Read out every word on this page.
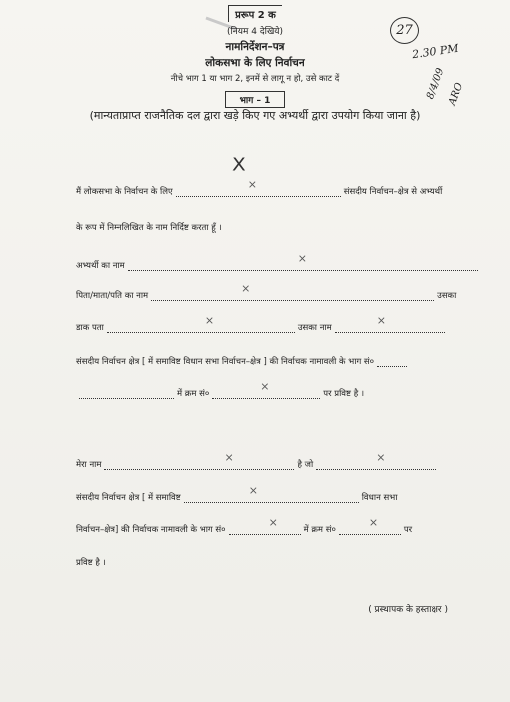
प्ररूप 2 क
(नियम 4 देखिये)
नामनिर्देशन–पत्र
लोकसभा के लिए निर्वाचन
नीचे भाग 1 या भाग 2, इनमें से लागू न हो, उसे काट दें
भाग – 1
(मान्यताप्राप्त राजनैतिक दल द्वारा खड़े किए गए अभ्यर्थी द्वारा उपयोग किया जाना है)
X
27
2.30 PM
8/4/09 ARO
मैं लोकसभा के निर्वाचन के लिए
×
संसदीय निर्वाचन–क्षेत्र से अभ्यर्थी
के रूप में निम्नलिखित के नाम निर्दिष्ट करता हूँ ।
अभ्यर्थी का नाम
×
पिता/माता/पति का नाम
×
उसका
डाक पता
×
उसका नाम
×
संसदीय निर्वाचन क्षेत्र [ में समाविष्ट विधान सभा निर्वाचन–क्षेत्र ] की निर्वाचक नामावली के भाग सं०
में क्रम सं०
×
पर प्रविष्ट है ।
मेरा नाम
×
है जो
×
संसदीय निर्वाचन क्षेत्र [ में समाविष्ट
×
विधान सभा
निर्वाचन–क्षेत्र] की निर्वाचक नामावली के भाग सं०
×
में क्रम सं०
×
पर
प्रविष्ट है ।
( प्रस्थापक के हस्ताक्षर )
